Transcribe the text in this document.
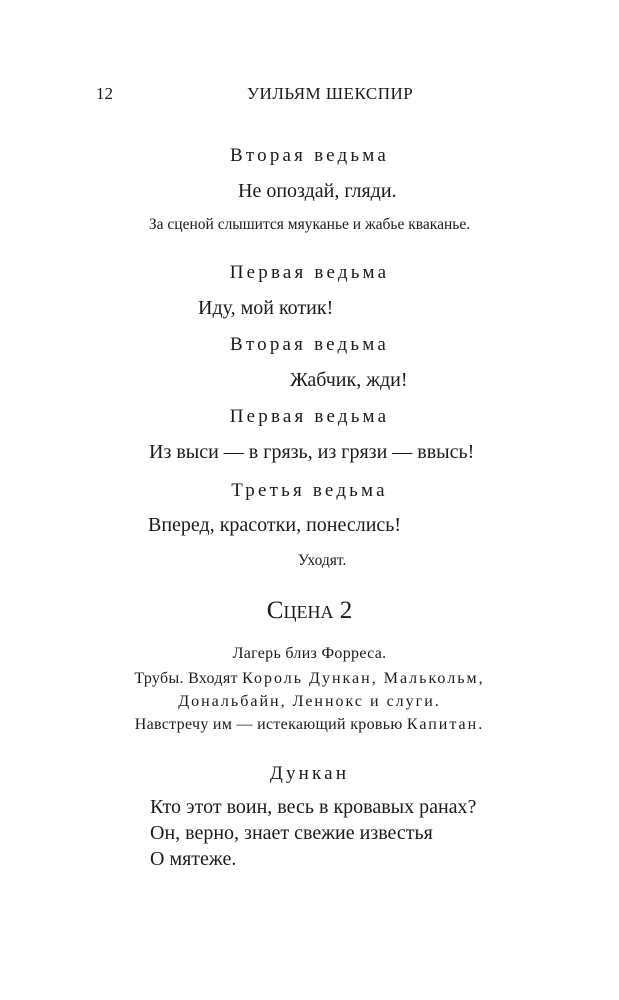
12	УИЛЬЯМ ШЕКСПИР
Вторая ведьма
Не опоздай, гляди.
За сценой слышится мяуканье и жабье кваканье.
Первая ведьма
Иду, мой котик!
Вторая ведьма
Жабчик, жди!
Первая ведьма
Из выси — в грязь, из грязи — ввысь!
Третья ведьма
Вперед, красотки, понеслись!
Уходят.
Сцена 2
Лагерь близ Форреса.
Трубы. Входят Король Дункан, Малькольм,
Дональбайн, Леннокс и слуги.
Навстречу им — истекающий кровью Капитан.
Дункан
Кто этот воин, весь в кровавых ранах?
Он, верно, знает свежие известья
О мятеже.
